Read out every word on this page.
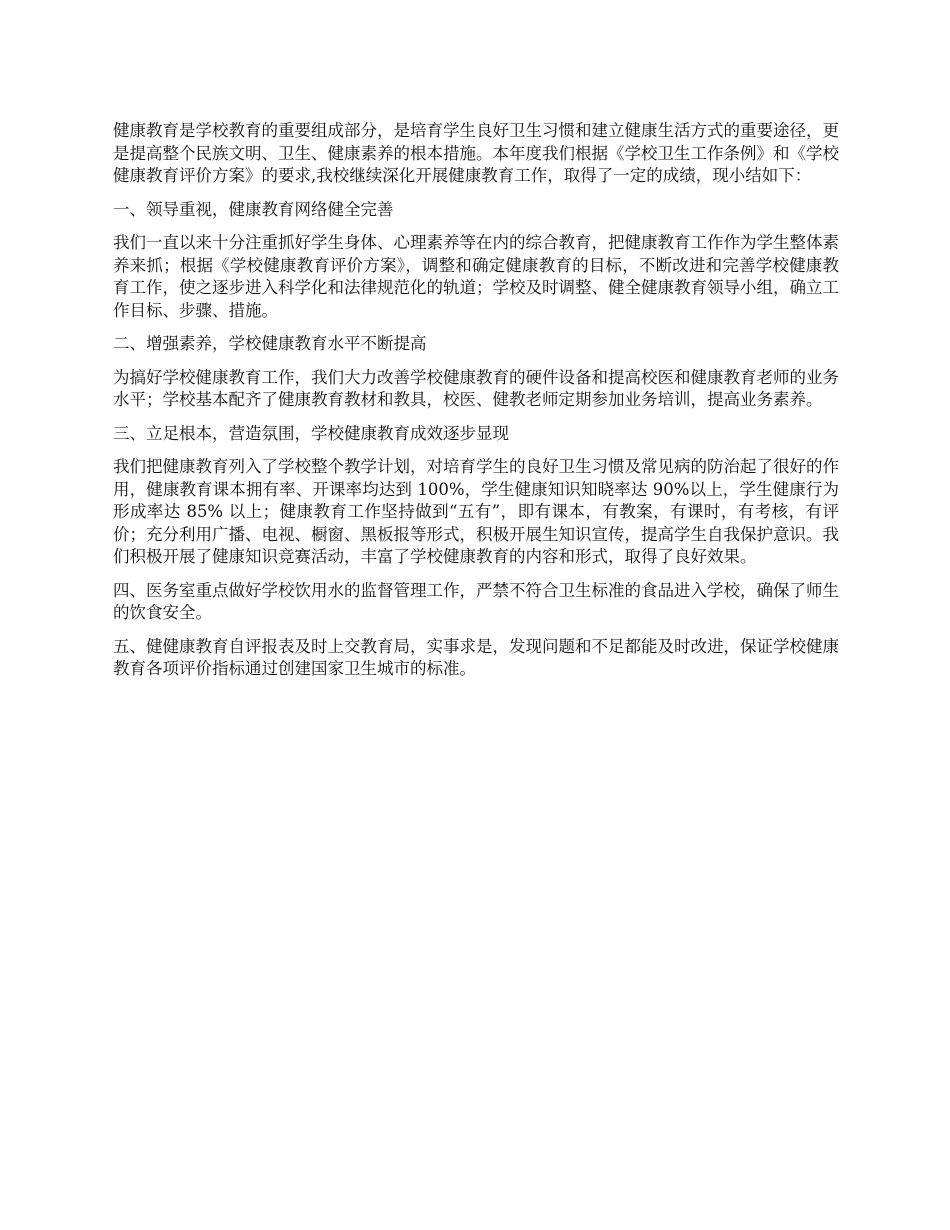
健康教育是学校教育的重要组成部分，是培育学生良好卫生习惯和建立健康生活方式的重要途径，更是提高整个民族文明、卫生、健康素养的根本措施。本年度我们根据《学校卫生工作条例》和《学校健康教育评价方案》的要求,我校继续深化开展健康教育工作，取得了一定的成绩，现小结如下：

一、领导重视，健康教育网络健全完善

我们一直以来十分注重抓好学生身体、心理素养等在内的综合教育，把健康教育工作作为学生整体素养来抓；根据《学校健康教育评价方案》，调整和确定健康教育的目标，不断改进和完善学校健康教育工作，使之逐步进入科学化和法律规范化的轨道；学校及时调整、健全健康教育领导小组，确立工作目标、步骤、措施。

二、增强素养，学校健康教育水平不断提高

为搞好学校健康教育工作，我们大力改善学校健康教育的硬件设备和提高校医和健康教育老师的业务水平；学校基本配齐了健康教育教材和教具，校医、健教老师定期参加业务培训，提高业务素养。

三、立足根本，营造氛围，学校健康教育成效逐步显现

我们把健康教育列入了学校整个教学计划，对培育学生的良好卫生习惯及常见病的防治起了很好的作用，健康教育课本拥有率、开课率均达到 100%，学生健康知识知晓率达 90%以上，学生健康行为形成率达 85% 以上；健康教育工作坚持做到“五有”，即有课本，有教案，有课时，有考核，有评价；充分利用广播、电视、橱窗、黑板报等形式，积极开展生知识宣传，提高学生自我保护意识。我们积极开展了健康知识竞赛活动，丰富了学校健康教育的内容和形式，取得了良好效果。

四、医务室重点做好学校饮用水的监督管理工作，严禁不符合卫生标准的食品进入学校，确保了师生的饮食安全。

五、健健康教育自评报表及时上交教育局，实事求是，发现问题和不足都能及时改进，保证学校健康教育各项评价指标通过创建国家卫生城市的标准。
